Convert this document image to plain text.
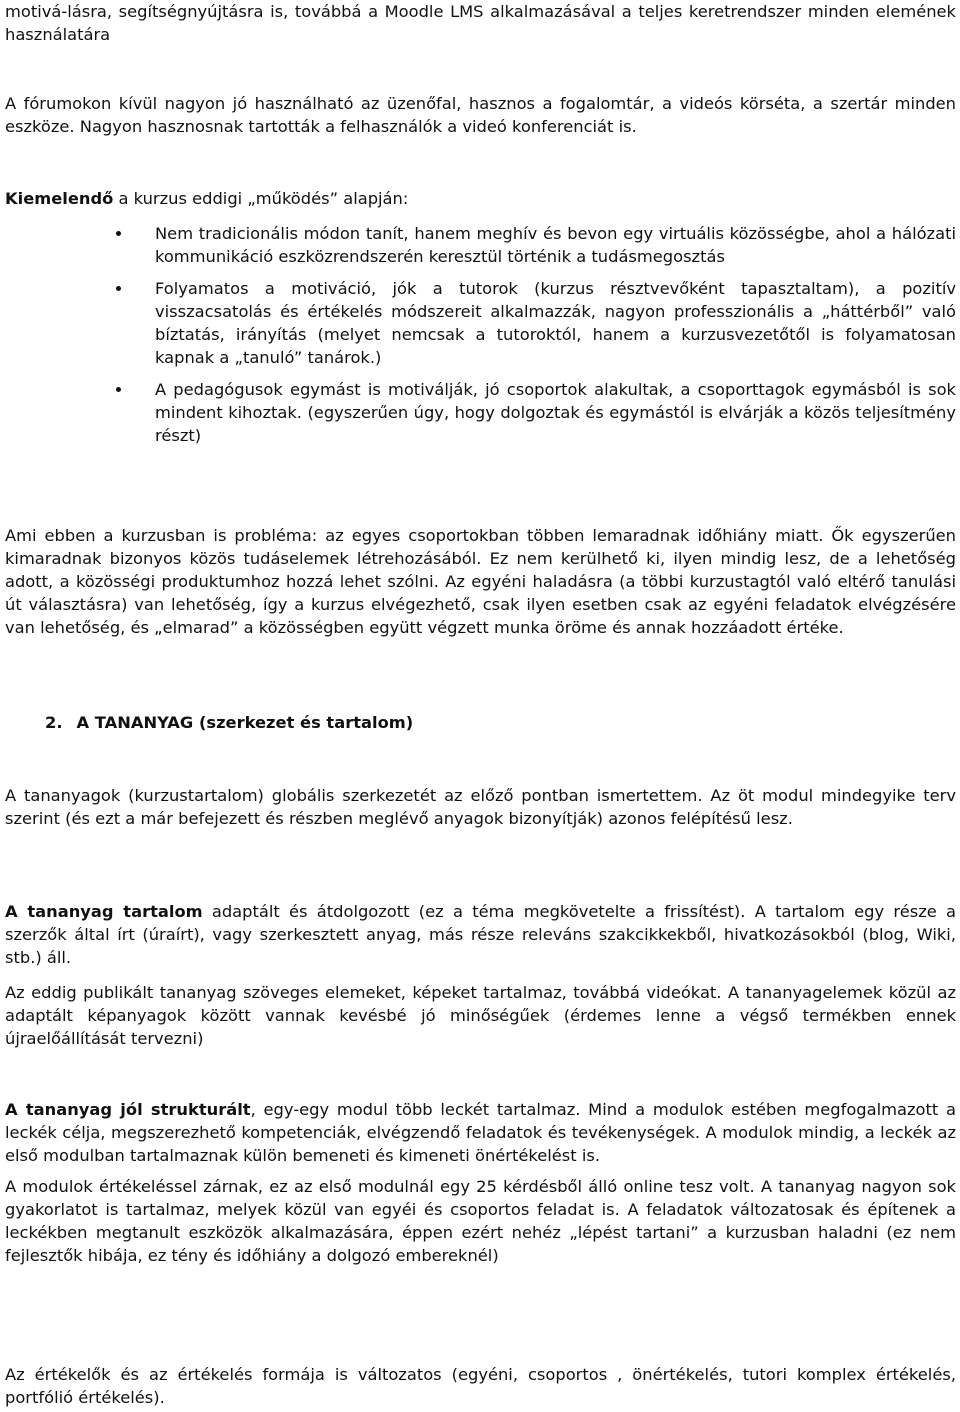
motivá-lásra, segítségnyújtásra is, továbbá a Moodle LMS alkalmazásával a teljes keretrendszer minden elemének használatára

A fórumokon kívül nagyon jó használható az üzenőfal, hasznos a fogalomtár, a videós körséta, a szertár minden eszköze. Nagyon hasznosnak tartották a felhasználók a videó konferenciát is.

Kiemelendő a kurzus eddigi „működés” alapján:

Nem tradicionális módon tanít, hanem meghív és bevon egy virtuális közösségbe, ahol a hálózati kommunikáció eszközrendszerén keresztül történik a tudásmegosztás
Folyamatos a motiváció, jók a tutorok (kurzus résztvevőként tapasztaltam), a pozitív visszacsatolás és értékelés módszereit alkalmazzák, nagyon professzionális a „háttérből” való bíztatás, irányítás (melyet nemcsak a tutoroktól, hanem a kurzusvezetőtől is folyamatosan kapnak a „tanuló” tanárok.)
A pedagógusok egymást is motiválják, jó csoportok alakultak, a csoporttagok egymásból is sok mindent kihoztak. (egyszerűen úgy, hogy dolgoztak és egymástól is elvárják a közös teljesítmény részt)

Ami ebben a kurzusban is probléma: az egyes csoportokban többen lemaradnak időhiány miatt. Ők egyszerűen kimaradnak bizonyos közös tudáselemek létrehozásából. Ez nem kerülhető ki, ilyen mindig lesz, de a lehetőség adott, a közösségi produktumhoz hozzá lehet szólni. Az egyéni haladásra (a többi kurzustagtól való eltérő tanulási út választásra) van lehetőség, így a kurzus elvégezhető, csak ilyen esetben csak az egyéni feladatok elvégzésére van lehetőség, és „elmarad” a közösségben együtt végzett munka öröme és annak hozzáadott értéke.

2. A TANANYAG (szerkezet és tartalom)

A tananyagok (kurzustartalom) globális szerkezetét az előző pontban ismertettem. Az öt modul mindegyike terv szerint (és ezt a már befejezett és részben meglévő anyagok bizonyítják) azonos felépítésű lesz.

A tananyag tartalom adaptált és átdolgozott (ez a téma megkövetelte a frissítést). A tartalom egy része a szerzők által írt (úraírt), vagy szerkesztett anyag, más része releváns szakcikkekből, hivatkozásokból (blog, Wiki, stb.) áll.

Az eddig publikált tananyag szöveges elemeket, képeket tartalmaz, továbbá videókat. A tananyagelemek közül az adaptált képanyagok között vannak kevésbé jó minőségűek (érdemes lenne a végső termékben ennek újraelőállítását tervezni)

A tananyag jól strukturált, egy-egy modul több leckét tartalmaz. Mind a modulok estében megfogalmazott a leckék célja, megszerezhető kompetenciák, elvégzendő feladatok és tevékenységek. A modulok mindig, a leckék az első modulban tartalmaznak külön bemeneti és kimeneti önértékelést is.

A modulok értékeléssel zárnak, ez az első modulnál egy 25 kérdésből álló online tesz volt. A tananyag nagyon sok gyakorlatot is tartalmaz, melyek közül van egyéi és csoportos feladat is. A feladatok változatosak és építenek a leckékben megtanult eszközök alkalmazására, éppen ezért nehéz „lépést tartani” a kurzusban haladni (ez nem fejlesztők hibája, ez tény és időhiány a dolgozó embereknél)

Az értékelők és az értékelés formája is változatos (egyéni, csoportos , önértékelés, tutori komplex értékelés, portfólió értékelés).
